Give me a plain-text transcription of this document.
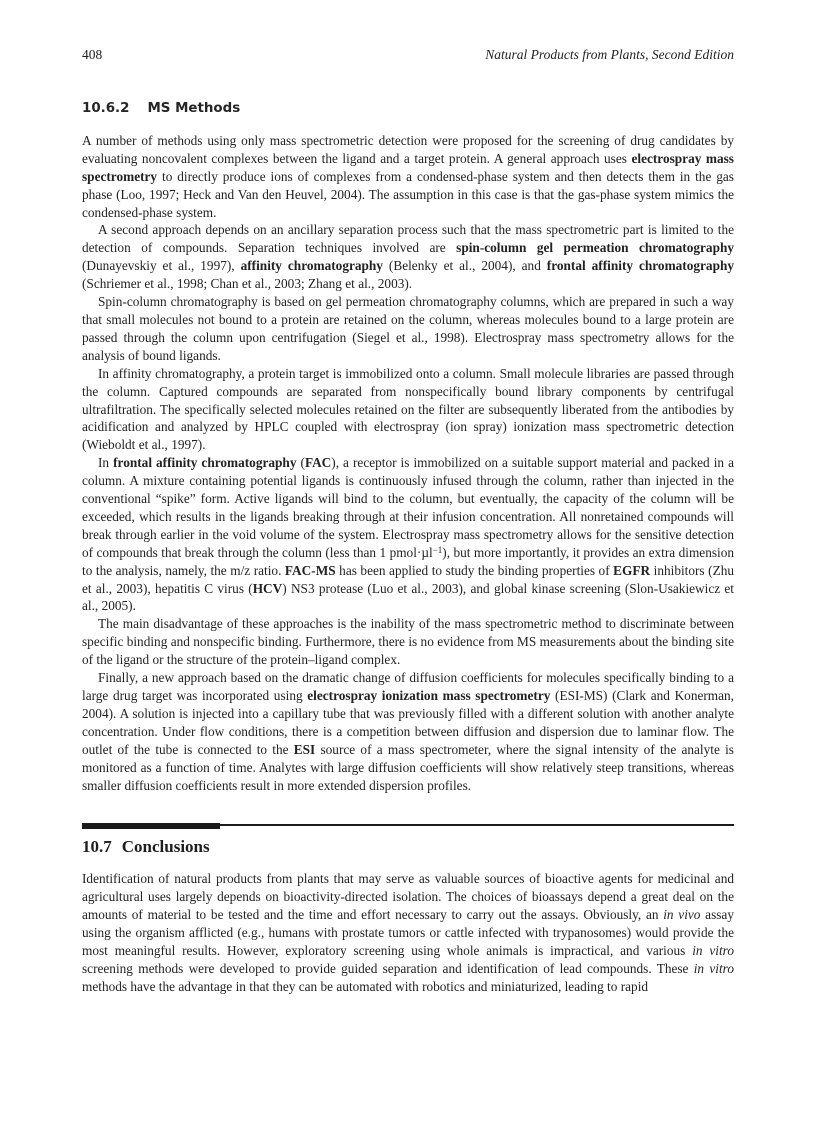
408	Natural Products from Plants, Second Edition
10.6.2 MS Methods

A number of methods using only mass spectrometric detection were proposed for the screening of drug candidates by evaluating noncovalent complexes between the ligand and a target protein. A general approach uses electrospray mass spectrometry to directly produce ions of complexes from a condensed-phase system and then detects them in the gas phase (Loo, 1997; Heck and Van den Heuvel, 2004). The assumption in this case is that the gas-phase system mimics the condensed-phase system.

A second approach depends on an ancillary separation process such that the mass spectrometric part is limited to the detection of compounds. Separation techniques involved are spin-column gel permeation chromatography (Dunayevskiy et al., 1997), affinity chromatography (Belenky et al., 2004), and frontal affinity chromatography (Schriemer et al., 1998; Chan et al., 2003; Zhang et al., 2003).

Spin-column chromatography is based on gel permeation chromatography columns, which are prepared in such a way that small molecules not bound to a protein are retained on the column, whereas molecules bound to a large protein are passed through the column upon centrifugation (Siegel et al., 1998). Electrospray mass spectrometry allows for the analysis of bound ligands.

In affinity chromatography, a protein target is immobilized onto a column. Small molecule libraries are passed through the column. Captured compounds are separated from nonspecifically bound library components by centrifugal ultrafiltration. The specifically selected molecules retained on the filter are subsequently liberated from the antibodies by acidification and analyzed by HPLC coupled with electrospray (ion spray) ionization mass spectrometric detection (Wieboldt et al., 1997).

In frontal affinity chromatography (FAC), a receptor is immobilized on a suitable support material and packed in a column. A mixture containing potential ligands is continuously infused through the column, rather than injected in the conventional “spike” form. Active ligands will bind to the column, but eventually, the capacity of the column will be exceeded, which results in the ligands breaking through at their infusion concentration. All nonretained compounds will break through earlier in the void volume of the system. Electrospray mass spectrometry allows for the sensitive detection of compounds that break through the column (less than 1 pmol·µl$^{-1}$), but more importantly, it provides an extra dimension to the analysis, namely, the m/z ratio. FAC-MS has been applied to study the binding properties of EGFR inhibitors (Zhu et al., 2003), hepatitis C virus (HCV) NS3 protease (Luo et al., 2003), and global kinase screening (Slon-Usakiewicz et al., 2005).

The main disadvantage of these approaches is the inability of the mass spectrometric method to discriminate between specific binding and nonspecific binding. Furthermore, there is no evidence from MS measurements about the binding site of the ligand or the structure of the protein–ligand complex.

Finally, a new approach based on the dramatic change of diffusion coefficients for molecules specifically binding to a large drug target was incorporated using electrospray ionization mass spectrometry (ESI-MS) (Clark and Konerman, 2004). A solution is injected into a capillary tube that was previously filled with a different solution with another analyte concentration. Under flow conditions, there is a competition between diffusion and dispersion due to laminar flow. The outlet of the tube is connected to the ESI source of a mass spectrometer, where the signal intensity of the analyte is monitored as a function of time. Analytes with large diffusion coefficients will show relatively steep transitions, whereas smaller diffusion coefficients result in more extended dispersion profiles.

10.7 Conclusions

Identification of natural products from plants that may serve as valuable sources of bioactive agents for medicinal and agricultural uses largely depends on bioactivity-directed isolation. The choices of bioassays depend a great deal on the amounts of material to be tested and the time and effort necessary to carry out the assays. Obviously, an in vivo assay using the organism afflicted (e.g., humans with prostate tumors or cattle infected with trypanosomes) would provide the most meaningful results. However, exploratory screening using whole animals is impractical, and various in vitro screening methods were developed to provide guided separation and identification of lead compounds. These in vitro methods have the advantage in that they can be automated with robotics and miniaturized, leading to rapid
